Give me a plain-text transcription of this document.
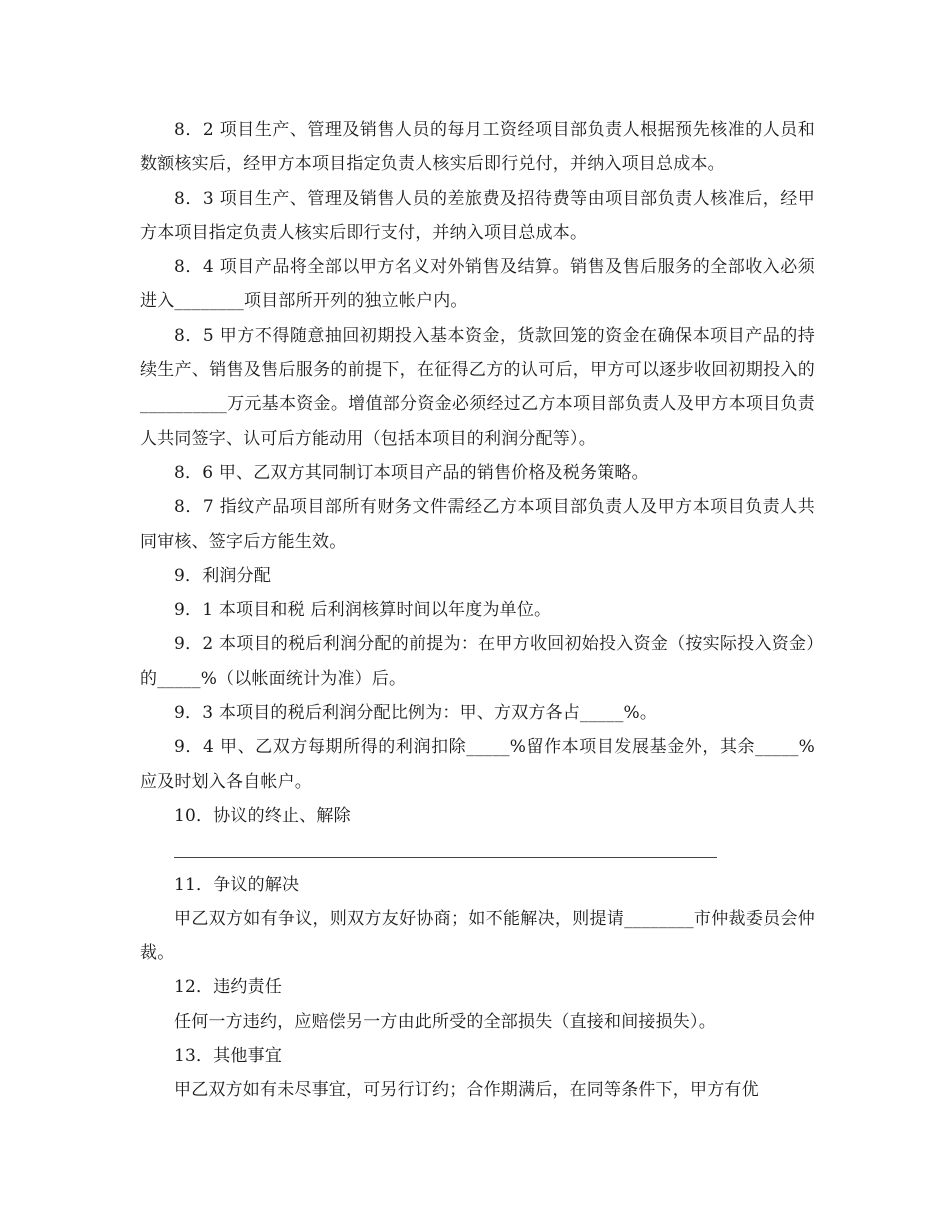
8．2 项目生产、管理及销售人员的每月工资经项目部负责人根据预先核准的人员和数额核实后，经甲方本项目指定负责人核实后即行兑付，并纳入项目总成本。

8．3 项目生产、管理及销售人员的差旅费及招待费等由项目部负责人核准后，经甲方本项目指定负责人核实后即行支付，并纳入项目总成本。

8．4 项目产品将全部以甲方名义对外销售及结算。销售及售后服务的全部收入必须进入________项目部所开列的独立帐户内。

8．5 甲方不得随意抽回初期投入基本资金，货款回笼的资金在确保本项目产品的持续生产、销售及售后服务的前提下，在征得乙方的认可后，甲方可以逐步收回初期投入的__________万元基本资金。增值部分资金必须经过乙方本项目部负责人及甲方本项目负责人共同签字、认可后方能动用（包括本项目的利润分配等）。

8．6 甲、乙双方其同制订本项目产品的销售价格及税务策略。

8．7 指纹产品项目部所有财务文件需经乙方本项目部负责人及甲方本项目负责人共同审核、签字后方能生效。

9．利润分配

9．1 本项目和税 后利润核算时间以年度为单位。

9．2 本项目的税后利润分配的前提为：在甲方收回初始投入资金（按实际投入资金）的_____%（以帐面统计为准）后。

9．3 本项目的税后利润分配比例为：甲、方双方各占_____%。

9．4 甲、乙双方每期所得的利润扣除_____%留作本项目发展基金外，其余_____%应及时划入各自帐户。

10．协议的终止、解除

11．争议的解决

甲乙双方如有争议，则双方友好协商；如不能解决，则提请________市仲裁委员会仲裁。

12．违约责任

任何一方违约，应赔偿另一方由此所受的全部损失（直接和间接损失）。

13．其他事宜

甲乙双方如有未尽事宜，可另行订约；合作期满后，在同等条件下，甲方有优
